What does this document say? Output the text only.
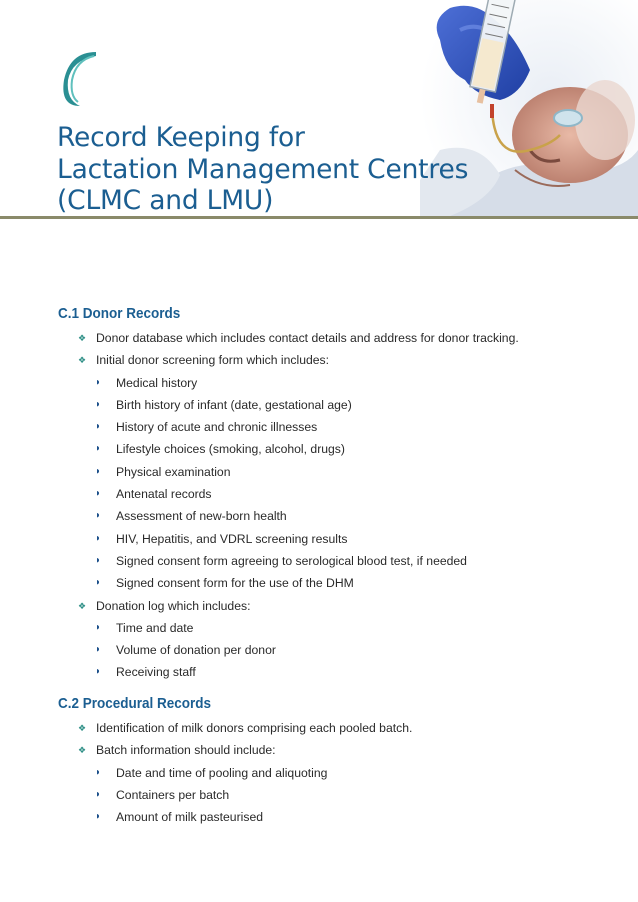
Record Keeping for
Lactation Management Centres
(CLMC and LMU)
C.1 Donor Records
❖ Donor database which includes contact details and address for donor tracking.
❖ Initial donor screening form which includes:
◗ Medical history
◗ Birth history of infant (date, gestational age)
◗ History of acute and chronic illnesses
◗ Lifestyle choices (smoking, alcohol, drugs)
◗ Physical examination
◗ Antenatal records
◗ Assessment of new-born health
◗ HIV, Hepatitis, and VDRL screening results
◗ Signed consent form agreeing to serological blood test, if needed
◗ Signed consent form for the use of the DHM
❖ Donation log which includes:
◗ Time and date
◗ Volume of donation per donor
◗ Receiving staff
C.2 Procedural Records
❖ Identification of milk donors comprising each pooled batch.
❖ Batch information should include:
◗ Date and time of pooling and aliquoting
◗ Containers per batch
◗ Amount of milk pasteurised
